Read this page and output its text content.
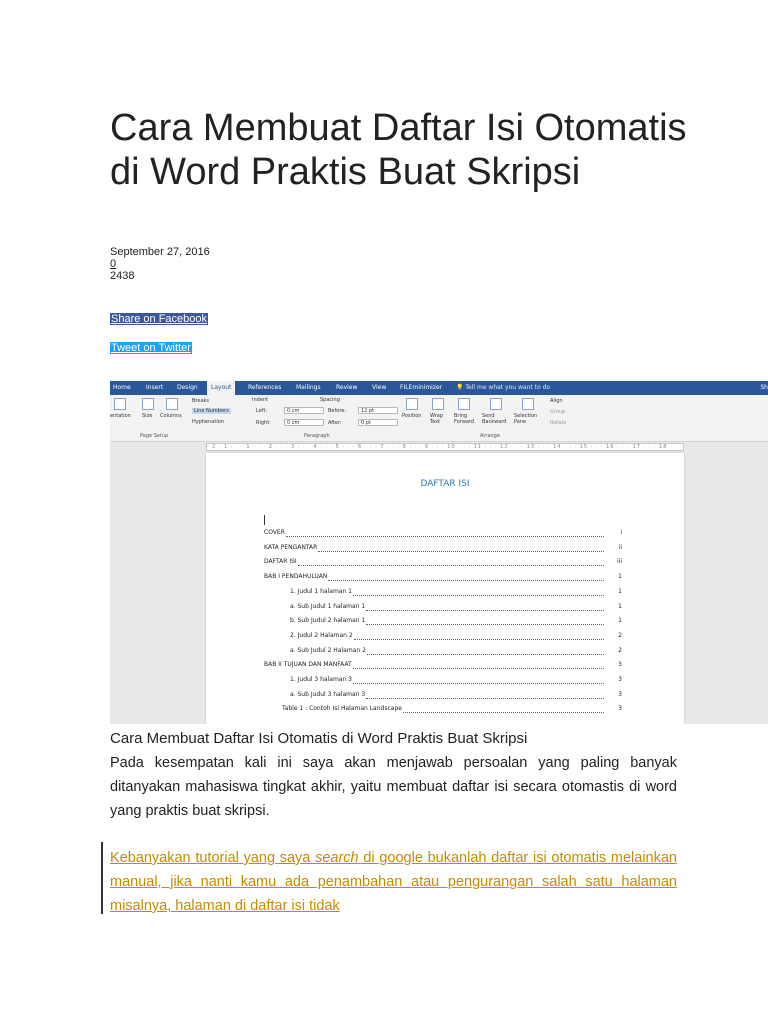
Cara Membuat Daftar Isi Otomatis di Word Praktis Buat Skripsi
September 27, 2016
0
2438
Share on Facebook
Tweet on Twitter
Home	Insert Design	Layout	References Mailings	Review View FILEminimizer 💡 Tell me what you want to do	Sh
entation Size Columns
Breaks
Line Numbers
Hyphenation
Page Setup
Indent
Left:	0 cm
Right:	0 cm
Spacing
Before:	12 pt
After:	0 pt
Paragraph
Position Wrap Text
Bring Forward
Send Backward
Selection Pane
Align
Group
Rotate
Arrange
· 2 · 1 · · · 1 · · · 2 · · · 3 · · · 4 · · · 5 · · · 6 · · · 7 · · · 8 · · · 9 · · · 10 · · · 11 · · · 12 · · · 13 · · · 14 · · · 15 · · · 16 · · · 17 · · · 18
DAFTAR ISI
COVER	i
KATA PENGANTAR	ii
DAFTAR ISI	iii
BAB I PENDAHULUAN	1
1. Judul 1 halaman 1	1
a. Sub Judul 1 halaman 1	1
b. Sub Judul 2 halaman 1	1
2. Judul 2 Halaman 2	2
a. Sub Judul 2 Halaman 2	2
BAB II TUJUAN DAN MANFAAT	3
1. Judul 3 halaman 3	3
a. Sub Judul 3 halaman 3	3
Table 1 : Contoh Isi Halaman Landscape	3
Cara Membuat Daftar Isi Otomatis di Word Praktis Buat Skripsi

Pada kesempatan kali ini saya akan menjawab persoalan yang paling banyak ditanyakan mahasiswa tingkat akhir, yaitu membuat daftar isi secara otomastis di word yang praktis buat skripsi.

Kebanyakan tutorial yang saya search di google bukanlah daftar isi otomatis melainkan manual, jika nanti kamu ada penambahan atau pengurangan salah satu halaman misalnya, halaman di daftar isi tidak
